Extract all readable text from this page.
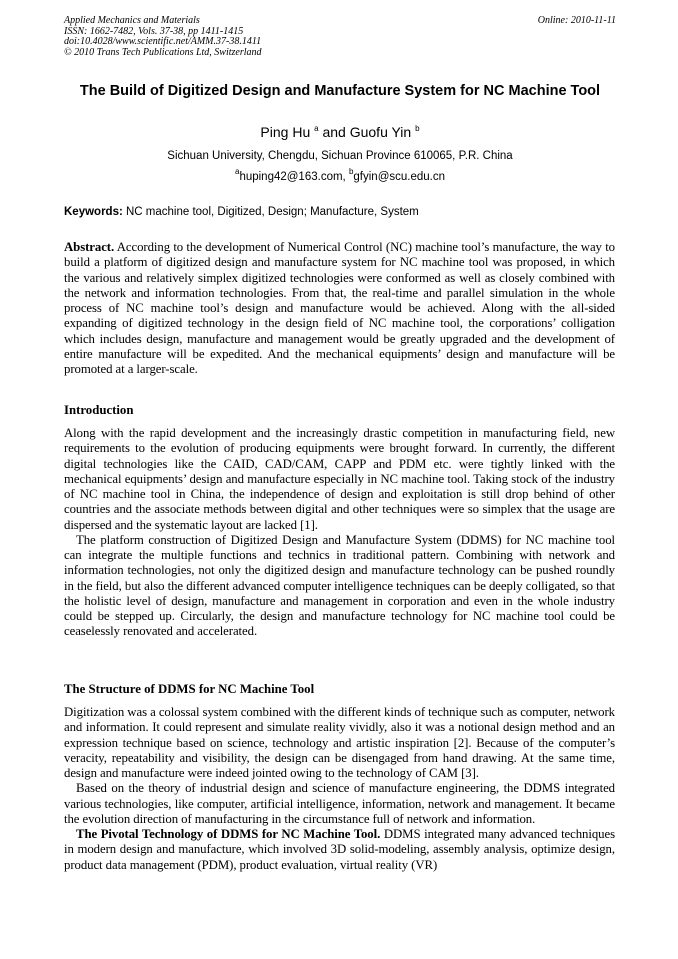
Applied Mechanics and Materials
ISSN: 1662-7482, Vols. 37-38, pp 1411-1415
doi:10.4028/www.scientific.net/AMM.37-38.1411
© 2010 Trans Tech Publications Ltd, Switzerland
Online: 2010-11-11
The Build of Digitized Design and Manufacture System for NC Machine Tool
Ping Hu $^a$ and Guofu Yin $^b$
Sichuan University, Chengdu, Sichuan Province 610065, P.R. China
$^a$huping42@163.com, $^b$gfyin@scu.edu.cn
Keywords: NC machine tool, Digitized, Design; Manufacture, System

Abstract. According to the development of Numerical Control (NC) machine tool’s manufacture, the way to build a platform of digitized design and manufacture system for NC machine tool was proposed, in which the various and relatively simplex digitized technologies were conformed as well as closely combined with the network and information technologies. From that, the real-time and parallel simulation in the whole process of NC machine tool’s design and manufacture would be achieved. Along with the all-sided expanding of digitized technology in the design field of NC machine tool, the corporations’ colligation which includes design, manufacture and management would be greatly upgraded and the development of entire manufacture will be expedited. And the mechanical equipments’ design and manufacture will be promoted at a larger-scale.

Introduction

Along with the rapid development and the increasingly drastic competition in manufacturing field, new requirements to the evolution of producing equipments were brought forward. In currently, the different digital technologies like the CAID, CAD/CAM, CAPP and PDM etc. were tightly linked with the mechanical equipments’ design and manufacture especially in NC machine tool. Taking stock of the industry of NC machine tool in China, the independence of design and exploitation is still drop behind of other countries and the associate methods between digital and other techniques were so simplex that the usage are dispersed and the systematic layout are lacked [1].

The platform construction of Digitized Design and Manufacture System (DDMS) for NC machine tool can integrate the multiple functions and technics in traditional pattern. Combining with network and information technologies, not only the digitized design and manufacture technology can be pushed roundly in the field, but also the different advanced computer intelligence techniques can be deeply colligated, so that the holistic level of design, manufacture and management in corporation and even in the whole industry could be stepped up. Circularly, the design and manufacture technology for NC machine tool could be ceaselessly renovated and accelerated.

The Structure of DDMS for NC Machine Tool

Digitization was a colossal system combined with the different kinds of technique such as computer, network and information. It could represent and simulate reality vividly, also it was a notional design method and an expression technique based on science, technology and artistic inspiration [2]. Because of the computer’s veracity, repeatability and visibility, the design can be disengaged from hand drawing. At the same time, design and manufacture were indeed jointed owing to the technology of CAM [3].

Based on the theory of industrial design and science of manufacture engineering, the DDMS integrated various technologies, like computer, artificial intelligence, information, network and management. It became the evolution direction of manufacturing in the circumstance full of network and information.

The Pivotal Technology of DDMS for NC Machine Tool. DDMS integrated many advanced techniques in modern design and manufacture, which involved 3D solid-modeling, assembly analysis, optimize design, product data management (PDM), product evaluation, virtual reality (VR)
